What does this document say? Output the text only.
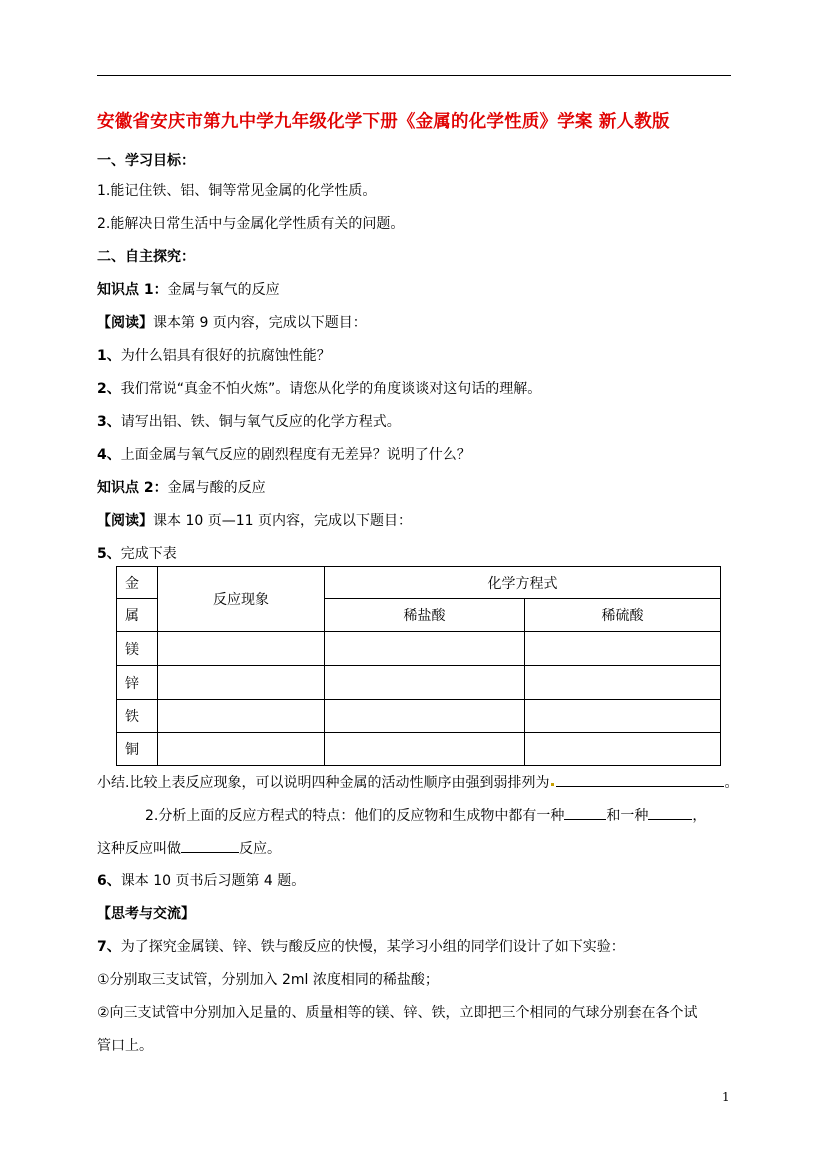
安徽省安庆市第九中学九年级化学下册《金属的化学性质》学案 新人教版
一、学习目标：
1.能记住铁、铝、铜等常见金属的化学性质。
2.能解决日常生活中与金属化学性质有关的问题。
二、自主探究：
知识点 1：金属与氧气的反应
【阅读】课本第 9 页内容，完成以下题目：
1、为什么铝具有很好的抗腐蚀性能？
2、我们常说“真金不怕火炼”。请您从化学的角度谈谈对这句话的理解。
3、请写出铝、铁、铜与氧气反应的化学方程式。
4、上面金属与氧气反应的剧烈程度有无差异？说明了什么？
知识点 2：金属与酸的反应
【阅读】课本 10 页—11 页内容，完成以下题目：
5、完成下表
金	反应现象	化学方程式	
属		稀盐酸	稀硫酸
镁			
锌			
铁			
铜			
小结.比较上表反应现象，可以说明四种金属的活动性顺序由强到弱排列为	。
2.分析上面的反应方程式的特点：他们的反应物和生成物中都有一种	和一种	，
这种反应叫做	反应。
6、课本 10 页书后习题第 4 题。
【思考与交流】
7、为了探究金属镁、锌、铁与酸反应的快慢，某学习小组的同学们设计了如下实验：
①分别取三支试管，分别加入 2ml 浓度相同的稀盐酸；
②向三支试管中分别加入足量的、质量相等的镁、锌、铁，立即把三个相同的气球分别套在各个试
管口上。
1
